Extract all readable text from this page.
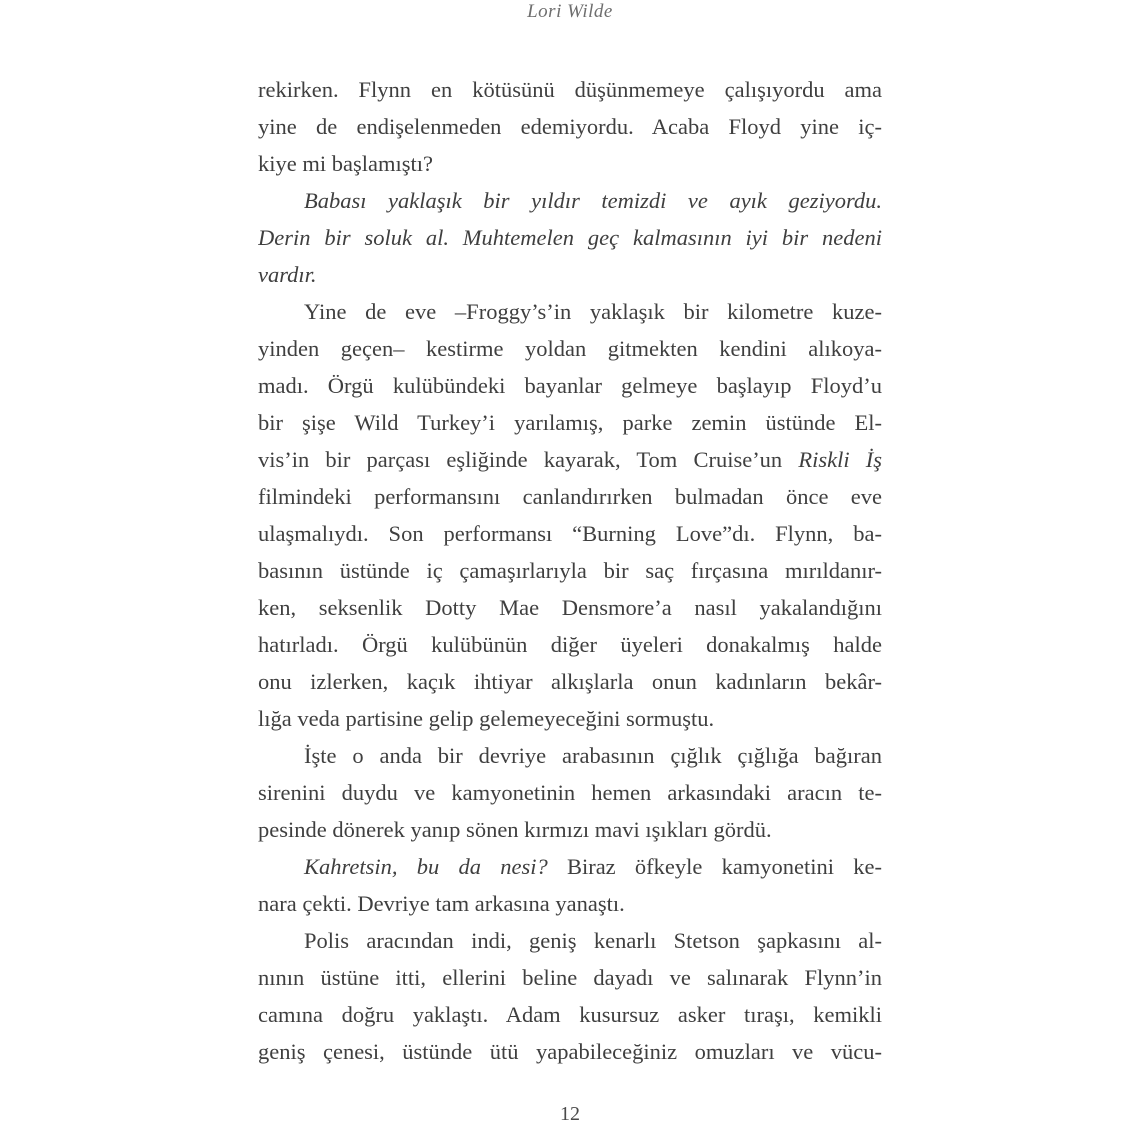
Lori Wilde
rekirken. Flynn en kötüsünü düşünmemeye çalışıyordu ama
yine de endişelenmeden edemiyordu. Acaba Floyd yine iç-
kiye mi başlamıştı?
Babası yaklaşık bir yıldır temizdi ve ayık geziyordu.
Derin bir soluk al. Muhtemelen geç kalmasının iyi bir nedeni
vardır.
Yine de eve –Froggy’s’in yaklaşık bir kilometre kuze-
yinden geçen– kestirme yoldan gitmekten kendini alıkoya-
madı. Örgü kulübündeki bayanlar gelmeye başlayıp Floyd’u
bir şişe Wild Turkey’i yarılamış, parke zemin üstünde El-
vis’in bir parçası eşliğinde kayarak, Tom Cruise’un Riskli İş
filmindeki performansını canlandırırken bulmadan önce eve
ulaşmalıydı. Son performansı “Burning Love”dı. Flynn, ba-
basının üstünde iç çamaşırlarıyla bir saç fırçasına mırıldanır-
ken, seksenlik Dotty Mae Densmore’a nasıl yakalandığını
hatırladı. Örgü kulübünün diğer üyeleri donakalmış halde
onu izlerken, kaçık ihtiyar alkışlarla onun kadınların bekâr-
lığa veda partisine gelip gelemeyeceğini sormuştu.
İşte o anda bir devriye arabasının çığlık çığlığa bağıran
sirenini duydu ve kamyonetinin hemen arkasındaki aracın te-
pesinde dönerek yanıp sönen kırmızı mavi ışıkları gördü.
Kahretsin, bu da nesi? Biraz öfkeyle kamyonetini ke-
nara çekti. Devriye tam arkasına yanaştı.
Polis aracından indi, geniş kenarlı Stetson şapkasını al-
nının üstüne itti, ellerini beline dayadı ve salınarak Flynn’in
camına doğru yaklaştı. Adam kusursuz asker tıraşı, kemikli
geniş çenesi, üstünde ütü yapabileceğiniz omuzları ve vücu-
12
